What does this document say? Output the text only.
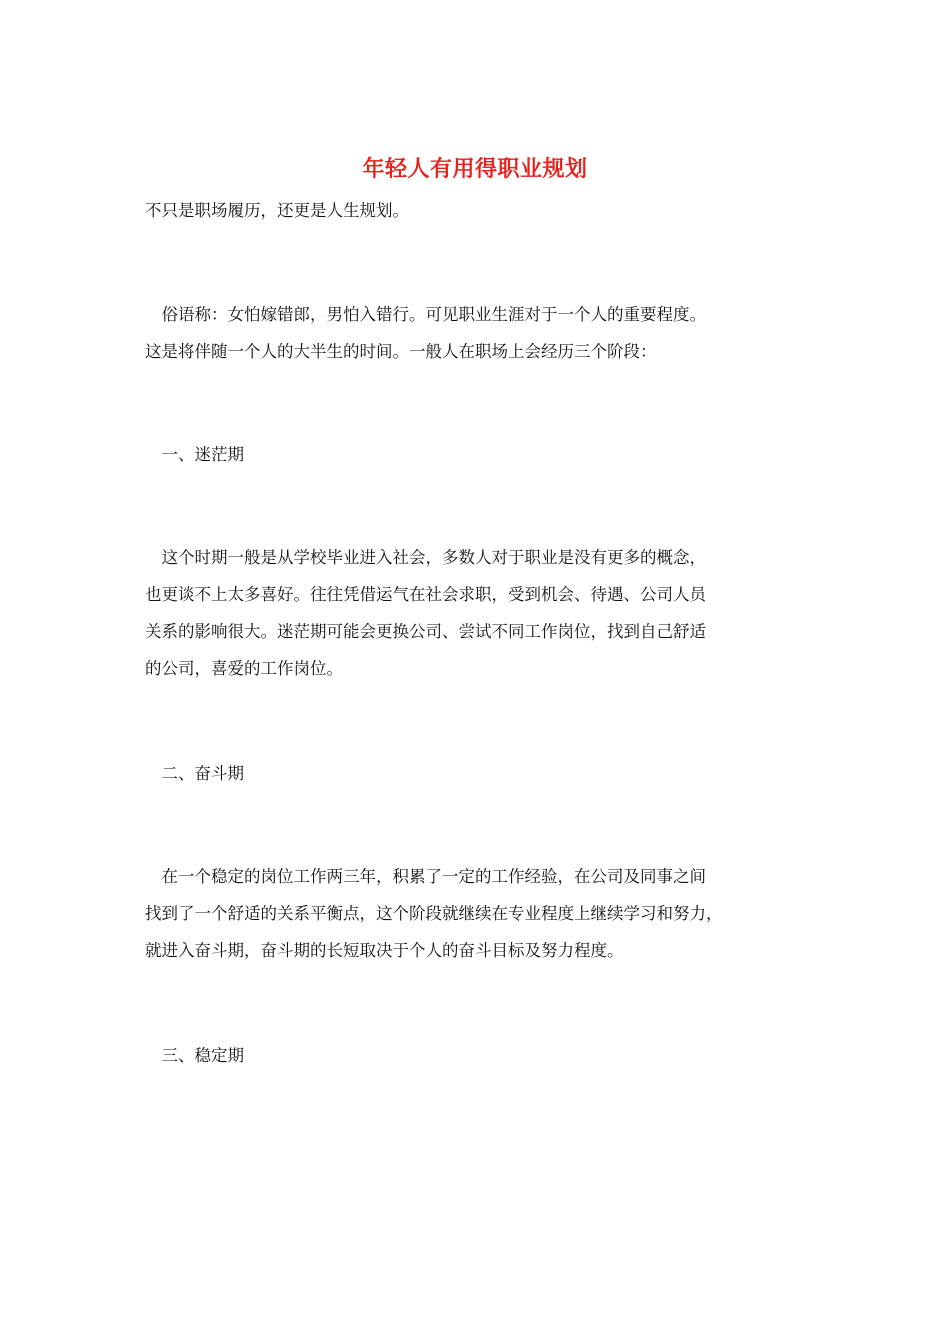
年轻人有用得职业规划
不只是职场履历，还更是人生规划。
　俗语称：女怕嫁错郎，男怕入错行。可见职业生涯对于一个人的重要程度。
这是将伴随一个人的大半生的时间。一般人在职场上会经历三个阶段：
　一、迷茫期
　这个时期一般是从学校毕业进入社会，多数人对于职业是没有更多的概念，
也更谈不上太多喜好。往往凭借运气在社会求职，受到机会、待遇、公司人员
关系的影响很大。迷茫期可能会更换公司、尝试不同工作岗位，找到自己舒适
的公司，喜爱的工作岗位。
　二、奋斗期
　在一个稳定的岗位工作两三年，积累了一定的工作经验，在公司及同事之间
找到了一个舒适的关系平衡点，这个阶段就继续在专业程度上继续学习和努力，
就进入奋斗期，奋斗期的长短取决于个人的奋斗目标及努力程度。
　三、稳定期
